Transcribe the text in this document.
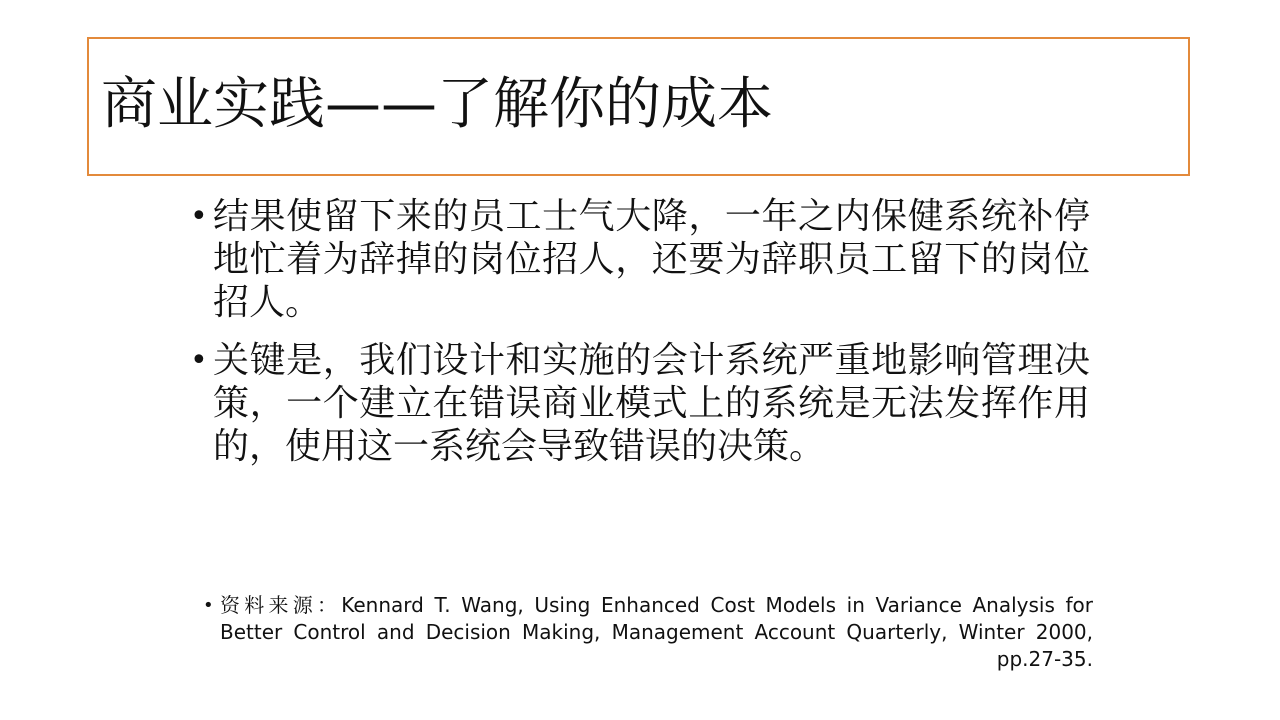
商业实践——了解你的成本
• 结果使留下来的员工士气大降，一年之内保健系统补停地忙着为辞掉的岗位招人，还要为辞职员工留下的岗位招人。
• 关键是，我们设计和实施的会计系统严重地影响管理决策，一个建立在错误商业模式上的系统是无法发挥作用的，使用这一系统会导致错误的决策。
• 资料来源：Kennard T. Wang, Using Enhanced Cost Models in Variance Analysis for Better Control and Decision Making, Management Account Quarterly, Winter 2000, pp.27-35.
